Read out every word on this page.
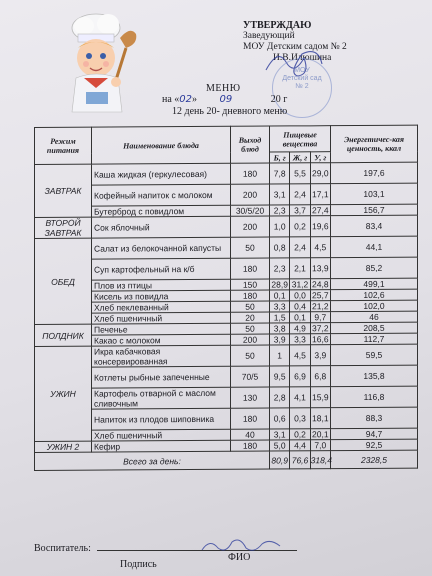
УТВЕРЖДАЮ
Заведующий
МОУ Детским садом № 2
И.В.Илюшина
МОУ
Детский сад
№ 2
МЕНЮ
на «02» 09	20 г
12 день 20- дневного меню
Режим питания	Наименование блюда	Выход блюд	Пищевые вещества			Энергетичес-кая ценность, ккал
			Б, г	Ж, г	У, г	
ЗАВТРАК	Каша жидкая (геркулесовая)	180	7,8	5,5	29,0	197,6
	Кофейный напиток с молоком	200	3,1	2,4	17,1	103,1
	Бутерброд с повидлом	30/5/20	2,3	3,7	27,4	156,7
ВТОРОЙ ЗАВТРАК	Сок яблочный	200	1,0	0,2	19,6	83,4
ОБЕД	Салат из белокочанной капусты	50	0,8	2,4	4,5	44,1
	Суп картофельный на к/б	180	2,3	2,1	13,9	85,2
	Плов из птицы	150	28,9	31,2	24,8	499,1
	Кисель из повидла	180	0,1	0,0	25,7	102,6
	Хлеб пеклеванный	50	3,3	0,4	21,2	102,0
	Хлеб пшеничный	20	1,5	0,1	9,7	46
ПОЛДНИК	Печенье	50	3,8	4,9	37,2	208,5
	Какао с молоком	200	3,9	3,3	16,6	112,7
УЖИН	Икра кабачковая консервированная	50	1	4,5	3,9	59,5
	Котлеты рыбные запеченные	70/5	9,5	6,9	6,8	135,8
	Картофель отварной с маслом сливочным	130	2,8	4,1	15,9	116,8
	Напиток из плодов шиповника	180	0,6	0,3	18,1	88,3
	Хлеб пшеничный	40	3,1	0,2	20,1	94,7
УЖИН 2	Кефир	180	5,0	4,4	7,0	92,5
Всего за день:			80,9	76,6	318,4	2328,5
Воспитатель:
Подпись
ФИО
